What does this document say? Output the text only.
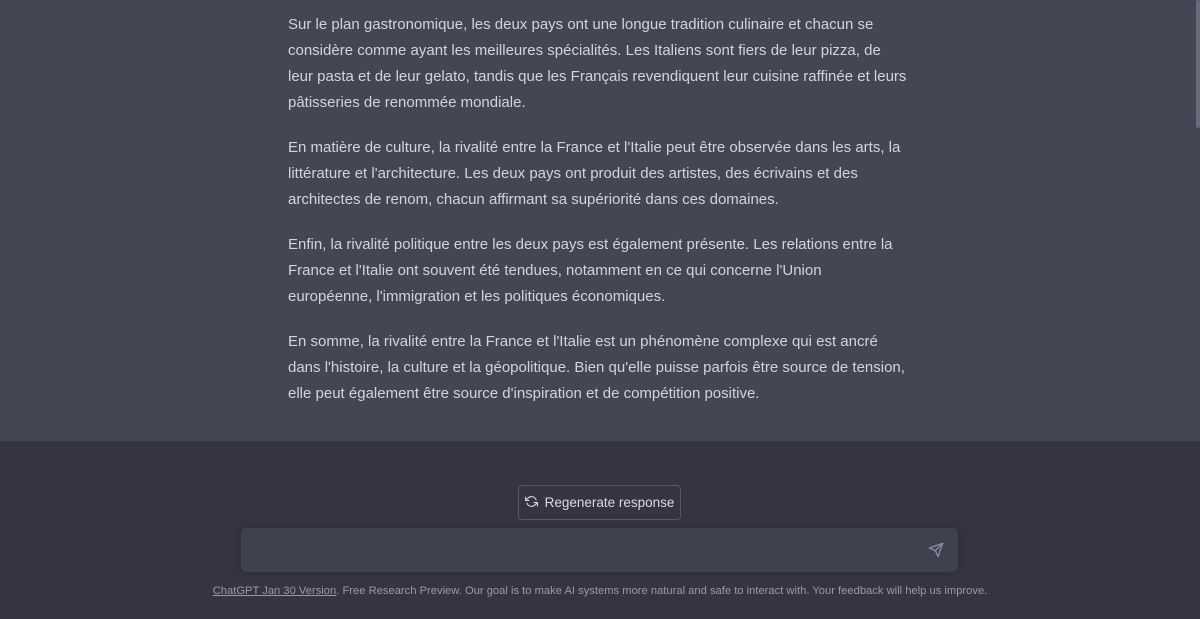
Sur le plan gastronomique, les deux pays ont une longue tradition culinaire et chacun se considère comme ayant les meilleures spécialités. Les Italiens sont fiers de leur pizza, de leur pasta et de leur gelato, tandis que les Français revendiquent leur cuisine raffinée et leurs pâtisseries de renommée mondiale.

En matière de culture, la rivalité entre la France et l'Italie peut être observée dans les arts, la littérature et l'architecture. Les deux pays ont produit des artistes, des écrivains et des architectes de renom, chacun affirmant sa supériorité dans ces domaines.

Enfin, la rivalité politique entre les deux pays est également présente. Les relations entre la France et l'Italie ont souvent été tendues, notamment en ce qui concerne l'Union européenne, l'immigration et les politiques économiques.

En somme, la rivalité entre la France et l'Italie est un phénomène complexe qui est ancré dans l'histoire, la culture et la géopolitique. Bien qu'elle puisse parfois être source de tension, elle peut également être source d'inspiration et de compétition positive.

Regenerate response
ChatGPT Jan 30 Version. Free Research Preview. Our goal is to make AI systems more natural and safe to interact with. Your feedback will help us improve.
